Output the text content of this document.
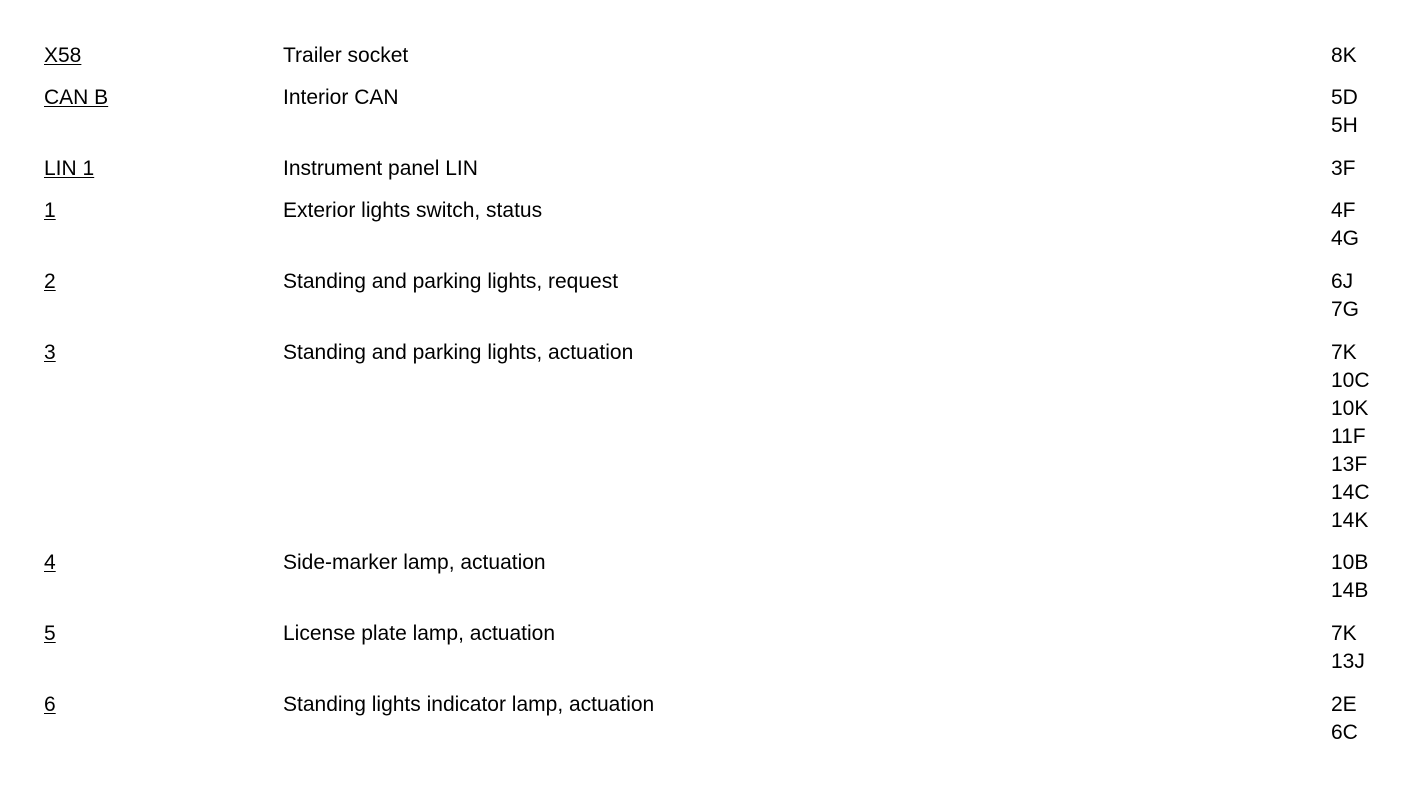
X58	Trailer socket	8K
CAN B	Interior CAN	5D
5H
LIN 1	Instrument panel LIN	3F
1	Exterior lights switch, status	4F
4G
2	Standing and parking lights, request	6J
7G
3	Standing and parking lights, actuation	7K
10C
10K
11F
13F
14C
14K
4	Side-marker lamp, actuation	10B
14B
5	License plate lamp, actuation	7K
13J
6	Standing lights indicator lamp, actuation	2E
6C
